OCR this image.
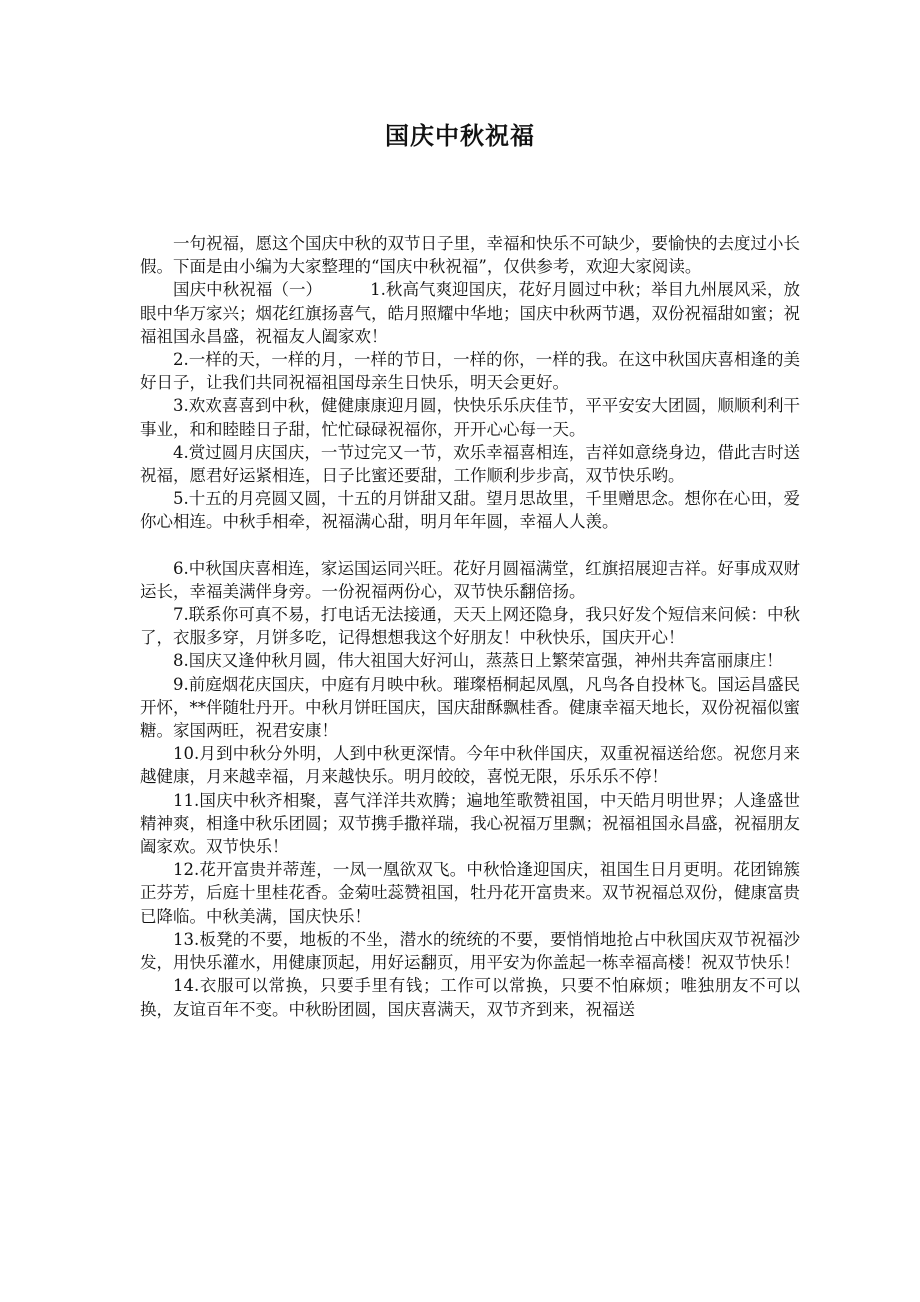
国庆中秋祝福

一句祝福，愿这个国庆中秋的双节日子里，幸福和快乐不可缺少，要愉快的去度过小长假。下面是由小编为大家整理的“国庆中秋祝福”，仅供参考，欢迎大家阅读。

国庆中秋祝福（一）	1.秋高气爽迎国庆，花好月圆过中秋；举目九州展风采，放眼中华万家兴；烟花红旗扬喜气，皓月照耀中华地；国庆中秋两节遇，双份祝福甜如蜜；祝福祖国永昌盛，祝福友人阖家欢！

2.一样的天，一样的月，一样的节日，一样的你，一样的我。在这中秋国庆喜相逢的美好日子，让我们共同祝福祖国母亲生日快乐，明天会更好。

3.欢欢喜喜到中秋，健健康康迎月圆，快快乐乐庆佳节，平平安安大团圆，顺顺利利干事业，和和睦睦日子甜，忙忙碌碌祝福你，开开心心每一天。

4.赏过圆月庆国庆，一节过完又一节，欢乐幸福喜相连，吉祥如意绕身边，借此吉时送祝福，愿君好运紧相连，日子比蜜还要甜，工作顺利步步高，双节快乐哟。

5.十五的月亮圆又圆，十五的月饼甜又甜。望月思故里，千里赠思念。想你在心田，爱你心相连。中秋手相牵，祝福满心甜，明月年年圆，幸福人人羡。

6.中秋国庆喜相连，家运国运同兴旺。花好月圆福满堂，红旗招展迎吉祥。好事成双财运长，幸福美满伴身旁。一份祝福两份心，双节快乐翻倍扬。

7.联系你可真不易，打电话无法接通，天天上网还隐身，我只好发个短信来问候：中秋了，衣服多穿，月饼多吃，记得想想我这个好朋友！中秋快乐，国庆开心！

8.国庆又逢仲秋月圆，伟大祖国大好河山，蒸蒸日上繁荣富强，神州共奔富丽康庄！

9.前庭烟花庆国庆，中庭有月映中秋。璀璨梧桐起凤凰，凡鸟各自投林飞。国运昌盛民开怀，**伴随牡丹开。中秋月饼旺国庆，国庆甜酥飘桂香。健康幸福天地长，双份祝福似蜜糖。家国两旺，祝君安康！

10.月到中秋分外明，人到中秋更深情。今年中秋伴国庆，双重祝福送给您。祝您月来越健康，月来越幸福，月来越快乐。明月皎皎，喜悦无限，乐乐乐不停！

11.国庆中秋齐相聚，喜气洋洋共欢腾；遍地笙歌赞祖国，中天皓月明世界；人逢盛世精神爽，相逢中秋乐团圆；双节携手撒祥瑞，我心祝福万里飘；祝福祖国永昌盛，祝福朋友阖家欢。双节快乐！

12.花开富贵并蒂莲，一凤一凰欲双飞。中秋恰逢迎国庆，祖国生日月更明。花团锦簇正芬芳，后庭十里桂花香。金菊吐蕊赞祖国，牡丹花开富贵来。双节祝福总双份，健康富贵已降临。中秋美满，国庆快乐！

13.板凳的不要，地板的不坐，潜水的统统的不要，要悄悄地抢占中秋国庆双节祝福沙发，用快乐灌水，用健康顶起，用好运翻页，用平安为你盖起一栋幸福高楼！祝双节快乐！

14.衣服可以常换，只要手里有钱；工作可以常换，只要不怕麻烦；唯独朋友不可以换，友谊百年不变。中秋盼团圆，国庆喜满天，双节齐到来，祝福送
